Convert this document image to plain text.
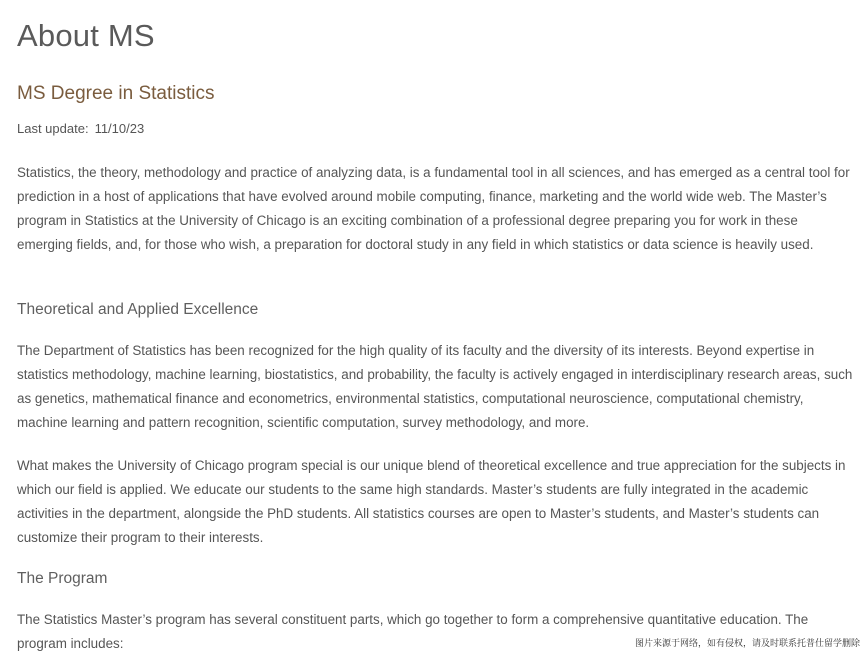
About MS
MS Degree in Statistics
Last update: 11/10/23

Statistics, the theory, methodology and practice of analyzing data, is a fundamental tool in all sciences, and has emerged as a central tool for prediction in a host of applications that have evolved around mobile computing, finance, marketing and the world wide web. The Master’s program in Statistics at the University of Chicago is an exciting combination of a professional degree preparing you for work in these emerging fields, and, for those who wish, a preparation for doctoral study in any field in which statistics or data science is heavily used.

Theoretical and Applied Excellence

The Department of Statistics has been recognized for the high quality of its faculty and the diversity of its interests. Beyond expertise in statistics methodology, machine learning, biostatistics, and probability, the faculty is actively engaged in interdisciplinary research areas, such as genetics, mathematical finance and econometrics, environmental statistics, computational neuroscience, computational chemistry, machine learning and pattern recognition, scientific computation, survey methodology, and more.

What makes the University of Chicago program special is our unique blend of theoretical excellence and true appreciation for the subjects in which our field is applied. We educate our students to the same high standards. Master’s students are fully integrated in the academic activities in the department, alongside the PhD students. All statistics courses are open to Master’s students, and Master’s students can customize their program to their interests.

The Program

The Statistics Master’s program has several constituent parts, which go together to form a comprehensive quantitative education. The program includes:	图片来源于网络，如有侵权，请及时联系托普仕留学删除
